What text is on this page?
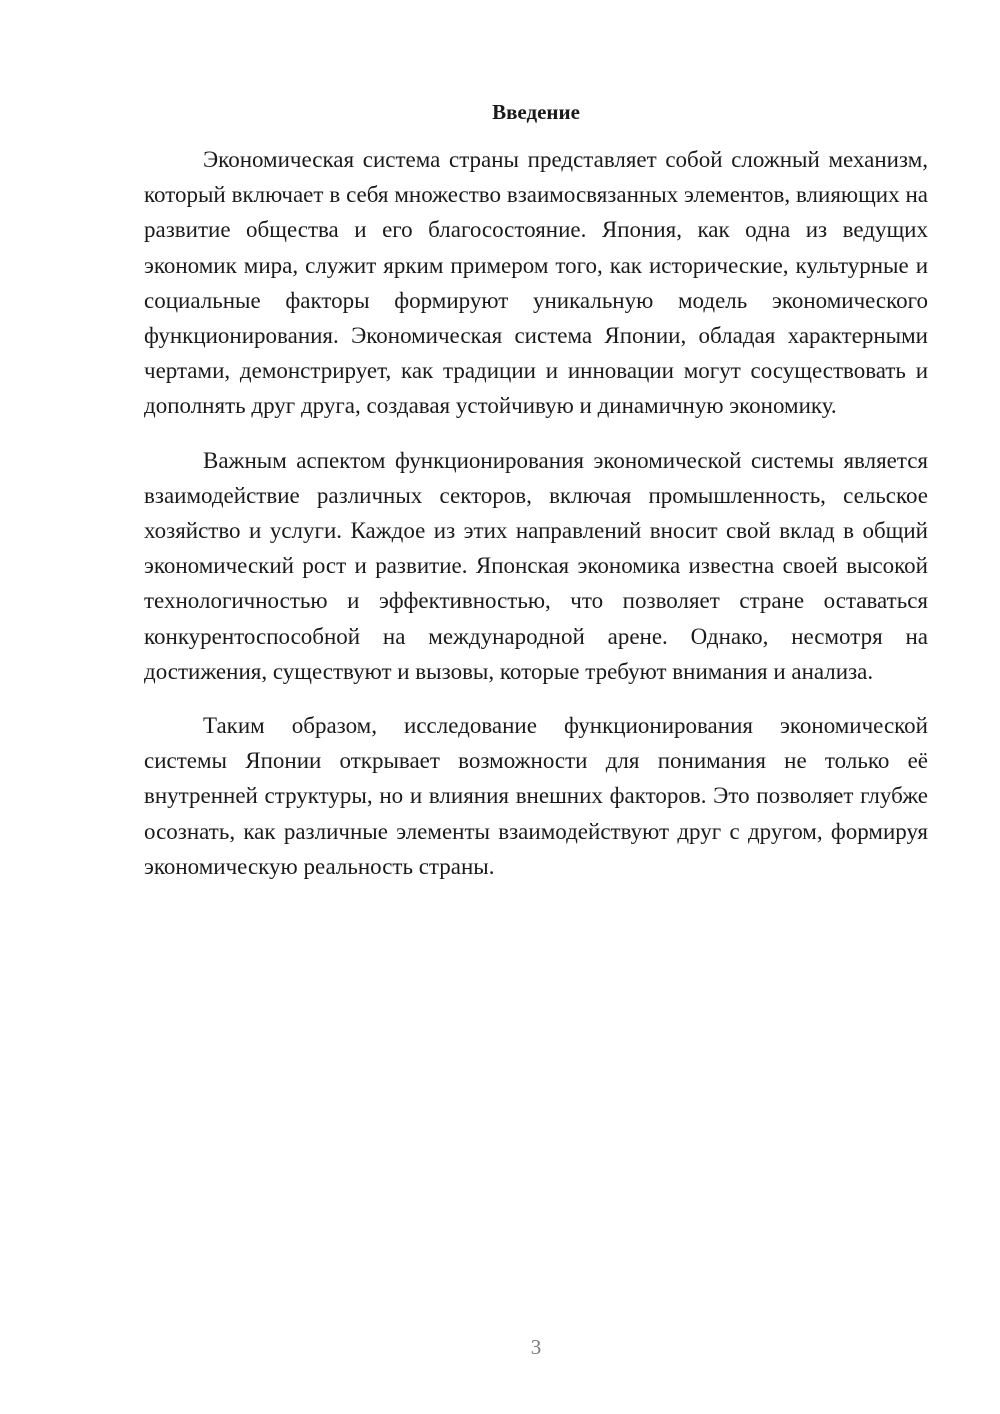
Введение

Экономическая система страны представляет собой сложный механизм, который включает в себя множество взаимосвязанных элементов, влияющих на развитие общества и его благосостояние. Япония, как одна из ведущих экономик мира, служит ярким примером того, как исторические, культурные и социальные факторы формируют уникальную модель экономического функционирования. Экономическая система Японии, обладая характерными чертами, демонстрирует, как традиции и инновации могут сосуществовать и дополнять друг друга, создавая устойчивую и динамичную экономику.

Важным аспектом функционирования экономической системы является взаимодействие различных секторов, включая промышленность, сельское хозяйство и услуги. Каждое из этих направлений вносит свой вклад в общий экономический рост и развитие. Японская экономика известна своей высокой технологичностью и эффективностью, что позволяет стране оставаться конкурентоспособной на международной арене. Однако, несмотря на достижения, существуют и вызовы, которые требуют внимания и анализа.

Таким образом, исследование функционирования экономической системы Японии открывает возможности для понимания не только её внутренней структуры, но и влияния внешних факторов. Это позволяет глубже осознать, как различные элементы взаимодействуют друг с другом, формируя экономическую реальность страны.

3
